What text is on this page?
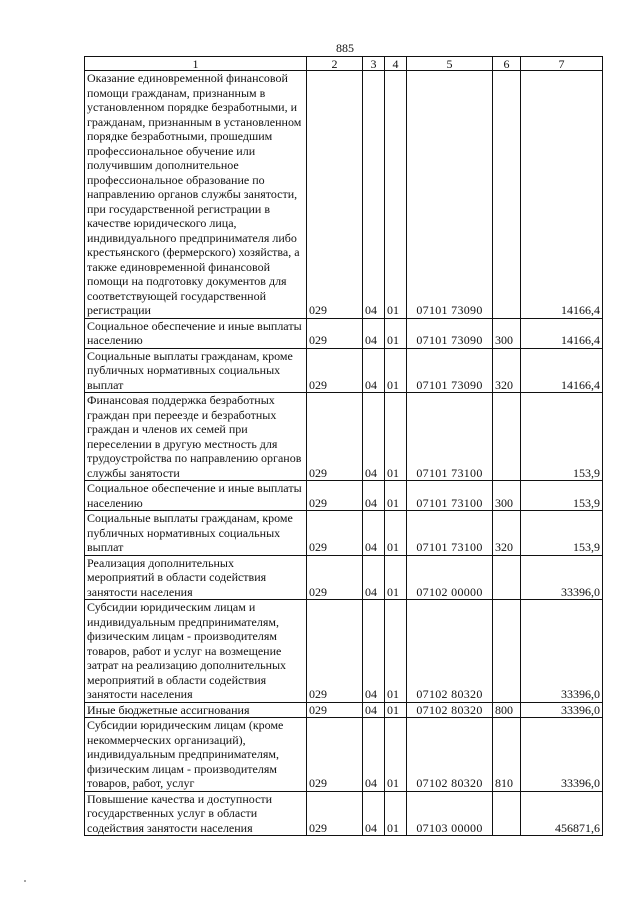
885
1	2	3	4	5	6	7
Оказание единовременной финансовой помощи гражданам, признанным в установленном порядке безработными, и гражданам, признанным в установленном порядке безработными, прошедшим профессиональное обучение или получившим дополнительное профессиональное образование по направлению органов службы занятости, при государственной регистрации в качестве юридического лица, индивидуального предпринимателя либо крестьянского (фермерского) хозяйства, а также единовременной финансовой помощи на подготовку документов для соответствующей государственной регистрации	029	04	01	07101 73090		14166,4
Социальное обеспечение и иные выплаты населению	029	04	01	07101 73090	300	14166,4
Социальные выплаты гражданам, кроме публичных нормативных социальных выплат	029	04	01	07101 73090	320	14166,4
Финансовая поддержка безработных граждан при переезде и безработных граждан и членов их семей при переселении в другую местность для трудоустройства по направлению органов службы занятости	029	04	01	07101 73100		153,9
Социальное обеспечение и иные выплаты населению	029	04	01	07101 73100	300	153,9
Социальные выплаты гражданам, кроме публичных нормативных социальных выплат	029	04	01	07101 73100	320	153,9
Реализация дополнительных мероприятий в области содействия занятости населения	029	04	01	07102 00000		33396,0
Субсидии юридическим лицам и индивидуальным предпринимателям, физическим лицам - производителям товаров, работ и услуг на возмещение затрат на реализацию дополнительных мероприятий в области содействия занятости населения	029	04	01	07102 80320		33396,0
Иные бюджетные ассигнования	029	04	01	07102 80320	800	33396,0
Субсидии юридическим лицам (кроме некоммерческих организаций), индивидуальным предпринимателям, физическим лицам - производителям товаров, работ, услуг	029	04	01	07102 80320	810	33396,0
Повышение качества и доступности государственных услуг в области содействия занятости населения	029	04	01	07103 00000		456871,6
